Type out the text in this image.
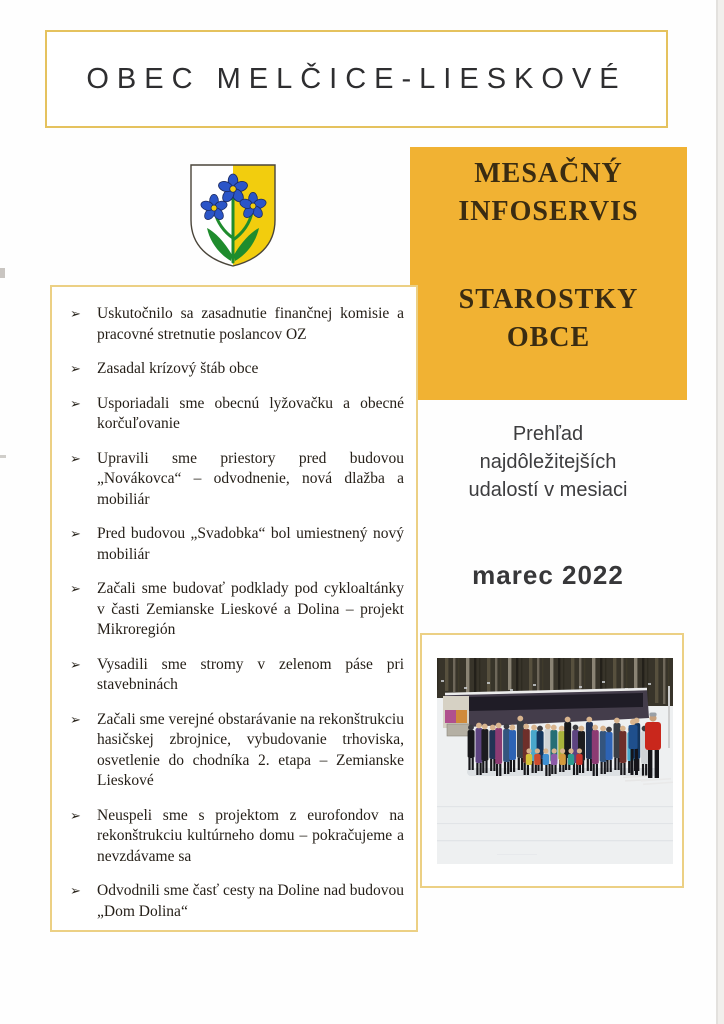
OBEC MELČICE-LIESKOVÉ
MESAČNÝ
INFOSERVIS
STAROSTKY
OBCE
Prehľad
najdôležitejších
udalostí v mesiaci
marec 2022
➢	Uskutočnilo sa zasadnutie finančnej komisie a pracovné stretnutie poslancov OZ

➢	Zasadal krízový štáb obce

➢	Usporiadali sme obecnú lyžovačku a obecné korčuľovanie

➢	Upravili sme priestory pred budovou „Novákovca“ – odvodnenie, nová dlažba a mobiliár

➢	Pred budovou „Svadobka“ bol umiestnený nový mobiliár

➢	Začali sme budovať podklady pod cykloaltánky v časti Zemianske Lieskové a Dolina – projekt Mikroregión

➢	Vysadili sme stromy v zelenom páse pri stavebninách

➢	Začali sme verejné obstarávanie na rekonštrukciu hasičskej zbrojnice, vybudovanie trhoviska, osvetlenie do chodníka 2. etapa – Zemianske Lieskové

➢	Neuspeli sme s projektom z eurofondov na rekonštrukciu kultúrneho domu – pokračujeme a nevzdávame sa

➢	Odvodnili sme časť cesty na Doline nad budovou „Dom Dolina“
